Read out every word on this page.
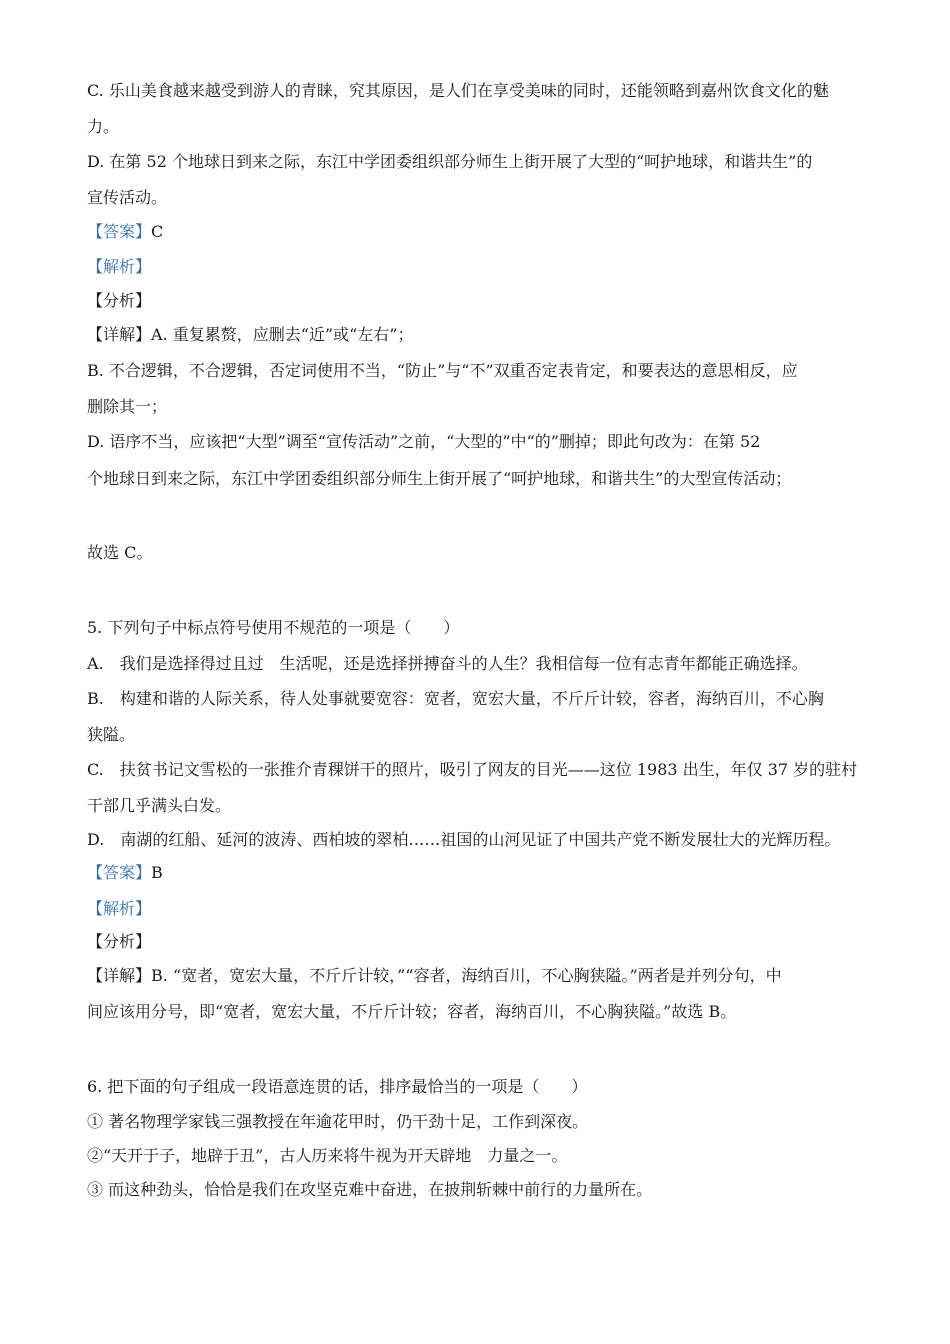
C. 乐山美食越来越受到游人的青睐，究其原因，是人们在享受美味的同时，还能领略到嘉州饮食文化的魅
力。
D. 在第 52 个地球日到来之际，东江中学团委组织部分师生上街开展了大型的“呵护地球，和谐共生”的
宣传活动。
【答案】C
【解析】
【分析】
【详解】A. 重复累赘，应删去“近”或“左右”；
B. 不合逻辑，不合逻辑，否定词使用不当，“防止”与“不”双重否定表肯定，和要表达的意思相反，应
删除其一；
D. 语序不当，应该把“大型”调至“宣传活动”之前，“大型的”中“的”删掉；即此句改为：在第 52
个地球日到来之际，东江中学团委组织部分师生上街开展了“呵护地球，和谐共生”的大型宣传活动；
故选 C。
5. 下列句子中标点符号使用不规范的一项是（　　）
A.　我们是选择得过且过　生活呢，还是选择拼搏奋斗的人生？我相信每一位有志青年都能正确选择。
B.　构建和谐的人际关系，待人处事就要宽容：宽者，宽宏大量，不斤斤计较，容者，海纳百川，不心胸
狭隘。
C.　扶贫书记文雪松的一张推介青稞饼干的照片，吸引了网友的目光——这位 1983 出生，年仅 37 岁的驻村
干部几乎满头白发。
D.　南湖的红船、延河的波涛、西柏坡的翠柏……祖国的山河见证了中国共产党不断发展壮大的光辉历程。
【答案】B
【解析】
【分析】
【详解】B. “宽者，宽宏大量，不斤斤计较，”“容者，海纳百川，不心胸狭隘。”两者是并列分句，中
间应该用分号，即“宽者，宽宏大量，不斤斤计较；容者，海纳百川，不心胸狭隘。”故选 B。
6. 把下面的句子组成一段语意连贯的话，排序最恰当的一项是（　　）
① 著名物理学家钱三强教授在年逾花甲时，仍干劲十足，工作到深夜。
②“天开于子，地辟于丑”，古人历来将牛视为开天辟地　力量之一。
③ 而这种劲头，恰恰是我们在攻坚克难中奋进，在披荆斩棘中前行的力量所在。
